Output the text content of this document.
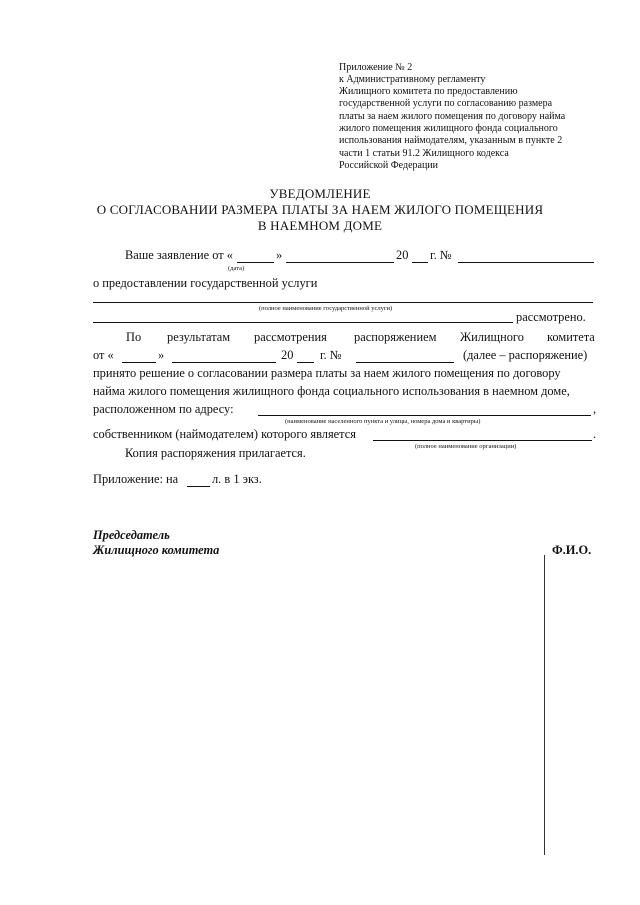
Приложение № 2
к Административному регламенту
Жилищного комитета по предоставлению
государственной услуги по согласованию размера
платы за наем жилого помещения по договору найма
жилого помещения жилищного фонда социального
использования наймодателям, указанным в пункте 2
части 1 статьи 91.2 Жилищного кодекса
Российской Федерации
УВЕДОМЛЕНИЕ
О СОГЛАСОВАНИИ РАЗМЕРА ПЛАТЫ ЗА НАЕМ ЖИЛОГО ПОМЕЩЕНИЯ
В НАЕМНОМ ДОМЕ
Ваше заявление от «	»	20 г. №
(дата)
о предоставлении государственной услуги
(полное наименование государственной услуги)
рассмотрено.
По результатам рассмотрения распоряжением Жилищного комитета
от «	»	20 г. №	(далее – распоряжение)
принято решение о согласовании размера платы за наем жилого помещения по договору
найма жилого помещения жилищного фонда социального использования в наемном доме,
расположенном по адресу:	,
(наименование населенного пункта и улицы, номера дома и квартиры)
собственником (наймодателем) которого является	.
(полное наименование организации)
Копия распоряжения прилагается.
Приложение: на	л. в 1 экз.
Председатель
Жилищного комитета	Ф.И.О.
